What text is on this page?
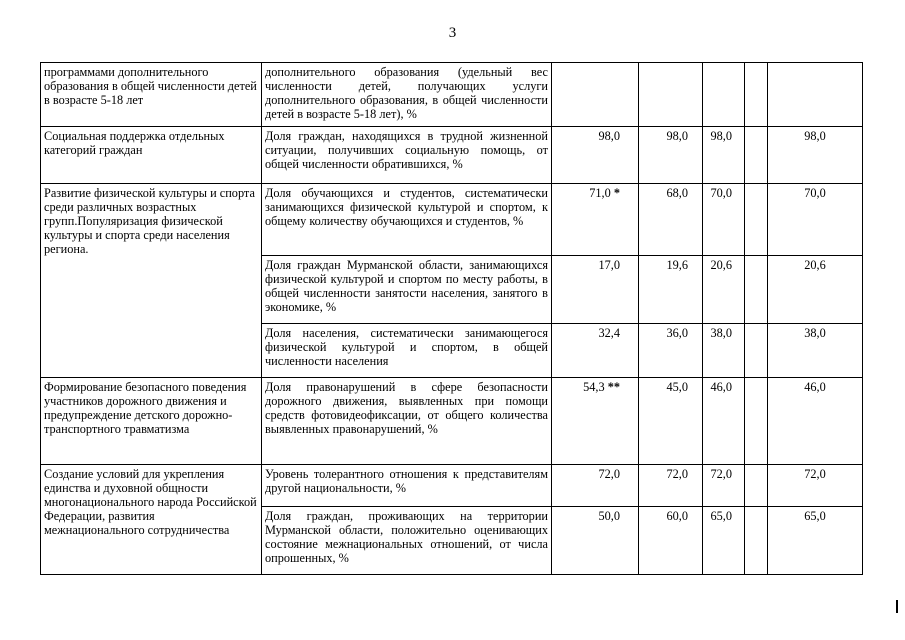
3
программами дополнительного образования в общей численности детей в возрасте 5-18 лет	дополнительного образования (удельный вес численности детей, получающих услуги дополнительного образования, в общей численности детей в возрасте 5-18 лет), %					
Социальная поддержка отдельных категорий граждан	Доля граждан, находящихся в трудной жизненной ситуации, получивших социальную помощь, от общей численности обратившихся, %	98,0	98,0	98,0		98,0
Развитие физической культуры и спорта среди различных возрастных групп.Популяризация физической культуры и спорта среди населения региона.	Доля обучающихся и студентов, систематически занимающихся физической культурой и спортом, к общему количеству обучающихся и студентов, %	71,0 *	68,0	70,0		70,0
	Доля граждан Мурманской области, занимающихся физической культурой и спортом по месту работы, в общей численности занятости населения, занятого в экономике, %	17,0	19,6	20,6		20,6
	Доля населения, систематически занимающегося физической культурой и спортом, в общей численности населения	32,4	36,0	38,0		38,0
Формирование безопасного поведения участников дорожного движения и предупреждение детского дорожно-транспортного травматизма	Доля правонарушений в сфере безопасности дорожного движения, выявленных при помощи средств фотовидеофиксации, от общего количества выявленных правонарушений, %	54,3 **	45,0	46,0		46,0
Создание условий для укрепления единства и духовной общности многонационального народа Российской Федерации, развития межнационального сотрудничества	Уровень толерантного отношения к представителям другой национальности, %	72,0	72,0	72,0		72,0
	Доля граждан, проживающих на территории Мурманской области, положительно оценивающих состояние межнациональных отношений, от числа опрошенных, %	50,0	60,0	65,0		65,0
